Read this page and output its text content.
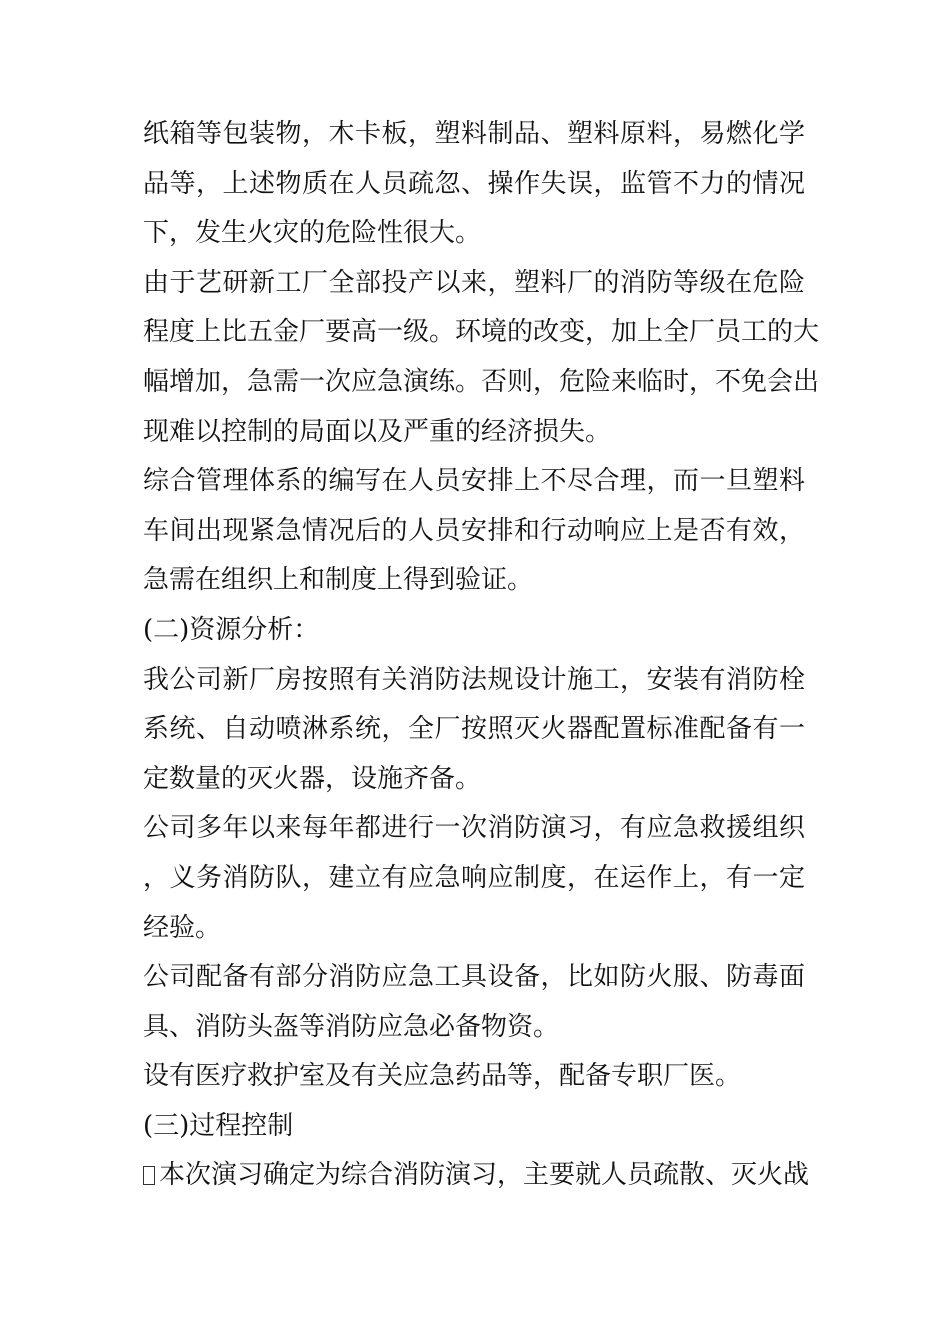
纸箱等包装物，木卡板，塑料制品、塑料原料，易燃化学
品等，上述物质在人员疏忽、操作失误，监管不力的情况
下，发生火灾的危险性很大。
由于艺研新工厂全部投产以来，塑料厂的消防等级在危险
程度上比五金厂要高一级。环境的改变，加上全厂员工的大
幅增加，急需一次应急演练。否则，危险来临时，不免会出
现难以控制的局面以及严重的经济损失。
综合管理体系的编写在人员安排上不尽合理，而一旦塑料
车间出现紧急情况后的人员安排和行动响应上是否有效，
急需在组织上和制度上得到验证。
(二)资源分析：
我公司新厂房按照有关消防法规设计施工，安装有消防栓
系统、自动喷淋系统，全厂按照灭火器配置标准配备有一
定数量的灭火器，设施齐备。
公司多年以来每年都进行一次消防演习，有应急救援组织
，义务消防队，建立有应急响应制度，在运作上，有一定
经验。
公司配备有部分消防应急工具设备，比如防火服、防毒面
具、消防头盔等消防应急必备物资。
设有医疗救护室及有关应急药品等，配备专职厂医。
(三)过程控制
本次演习确定为综合消防演习，主要就人员疏散、灭火战
